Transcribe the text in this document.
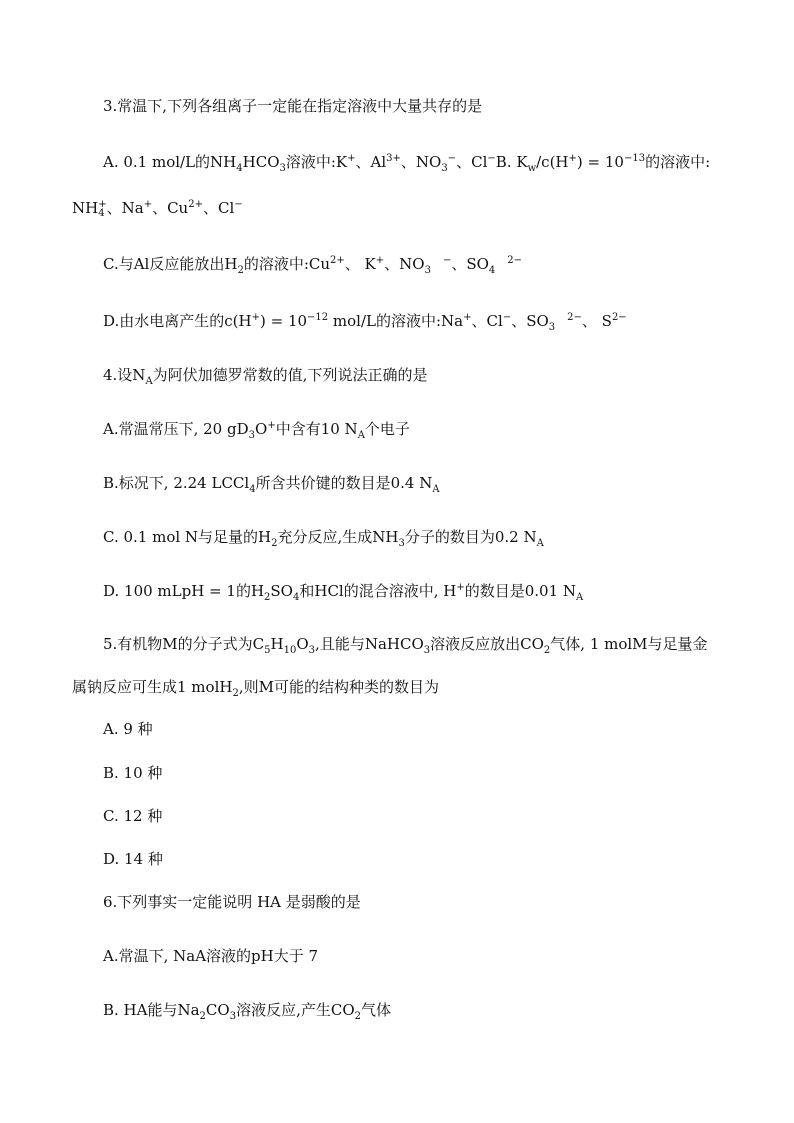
3.常温下,下列各组离子一定能在指定溶液中大量共存的是
A. 0.1 mol/L的$NH_4HCO_3$溶液中:K+、$Al^{3+}$、$NO_3^-$、Cl−B. $K_w/c(H^+) = 10^{-13}$的溶液中:
NH +
4 、Na+、$Cu^{2+}$、Cl−
C.与Al反应能放出$H_2$的溶液中$:Cu^{2+}$、 K+、$NO_3^-$、$SO_4^{2-}$
D.由水电离产生的$c(H^+) = 10^{-12}$ mol/L的溶液中:Na+、Cl−、$SO_3^{2-}$、 $S^{2-}$
4.设$N_A$为阿伏加德罗常数的值,下列说法正确的是
A.常温常压下, 20 $gD_3O^+$中含有10 $N_A$个电子
B.标况下, 2.24 LCCl$_4$所含共价键的数目是0.4 $N_A$
C. 0.1 mol N与足量的$H_2$充分反应,生成$NH_3$分子的数目为0.2 $N_A$
D. 100 mLpH = 1的$H_2SO_4$和HCl的混合溶液中, H+的数目是0.01 $N_A$
5.有机物M的分子式为$C_5H_{10}O_3$,且能与NaHCO$_3$溶液反应放出$CO_2$气体, 1 molM与足量金
属钠反应可生成1 molH$_2$,则M可能的结构种类的数目为
A. 9 种
B. 10 种
C. 12 种
D. 14 种
6.下列事实一定能说明 HA 是弱酸的是
A.常温下, NaA溶液的pH大于 7
B. HA能与$Na_2CO_3$溶液反应,产生$CO_2$气体
